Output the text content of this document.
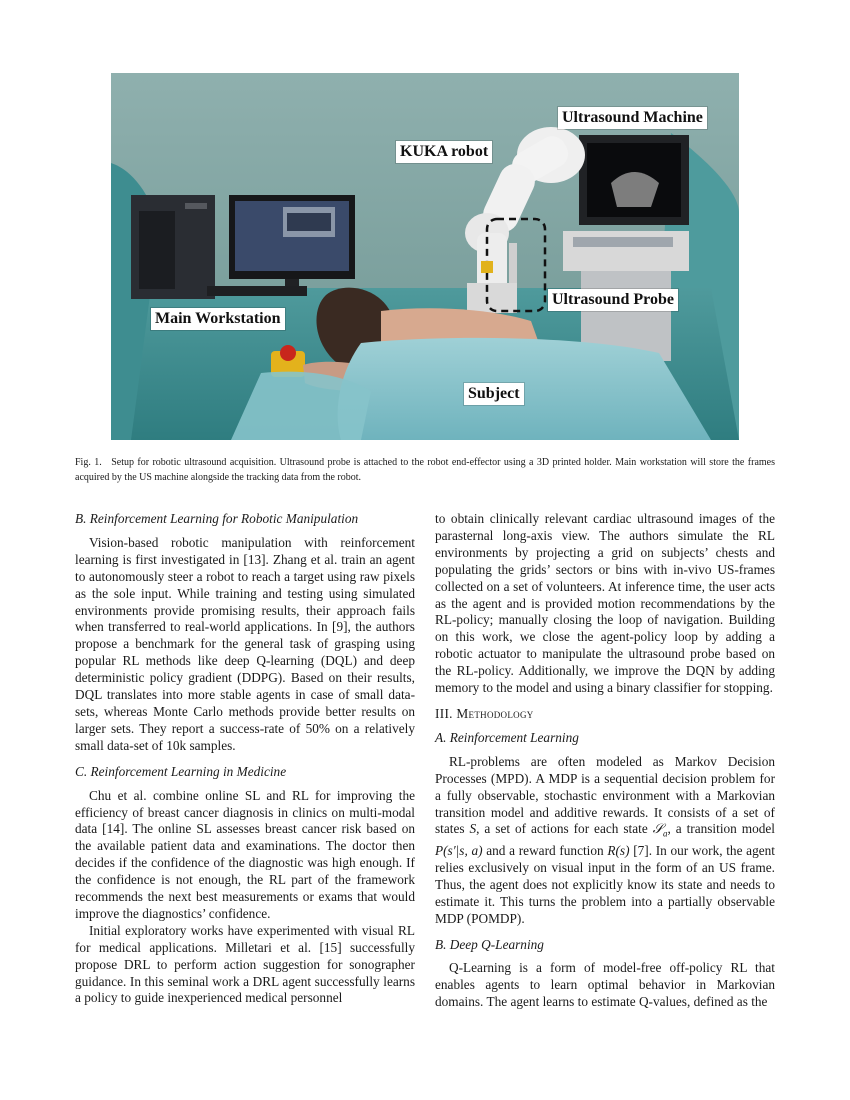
Ultrasound Machine
KUKA robot
Ultrasound Probe
Main Workstation
Subject
Fig. 1. Setup for robotic ultrasound acquisition. Ultrasound probe is attached to the robot end-effector using a 3D printed holder. Main workstation will store the frames acquired by the US machine alongside the tracking data from the robot.

B. Reinforcement Learning for Robotic Manipulation

Vision-based robotic manipulation with reinforcement learning is first investigated in [13]. Zhang et al. train an agent to autonomously steer a robot to reach a target using raw pixels as the sole input. While training and testing using simulated environments provide promising results, their approach fails when transferred to real-world applications. In [9], the authors propose a benchmark for the general task of grasping using popular RL methods like deep Q-learning (DQL) and deep deterministic policy gradient (DDPG). Based on their results, DQL translates into more stable agents in case of small data-sets, whereas Monte Carlo methods provide better results on larger sets. They report a success-rate of 50% on a relatively small data-set of 10k samples.

C. Reinforcement Learning in Medicine

Chu et al. combine online SL and RL for improving the efficiency of breast cancer diagnosis in clinics on multi-modal data [14]. The online SL assesses breast cancer risk based on the available patient data and examinations. The doctor then decides if the confidence of the diagnostic was high enough. If the confidence is not enough, the RL part of the framework recommends the next best measurements or exams that would improve the diagnostics’ confidence.

Initial exploratory works have experimented with visual RL for medical applications. Milletari et al. [15] successfully propose DRL to perform action suggestion for sonographer guidance. In this seminal work a DRL agent successfully learns a policy to guide inexperienced medical personnel

to obtain clinically relevant cardiac ultrasound images of the parasternal long-axis view. The authors simulate the RL environments by projecting a grid on subjects’ chests and populating the grids’ sectors or bins with in-vivo US-frames collected on a set of volunteers. At inference time, the user acts as the agent and is provided motion recommendations by the RL-policy; manually closing the loop of navigation. Building on this work, we close the agent-policy loop by adding a robotic actuator to manipulate the ultrasound probe based on the RL-policy. Additionally, we improve the DQN by adding memory to the model and using a binary classifier for stopping.

III. Methodology

A. Reinforcement Learning

RL-problems are often modeled as Markov Decision Processes (MPD). A MDP is a sequential decision problem for a fully observable, stochastic environment with a Markovian transition model and additive rewards. It consists of a set of states S, a set of actions for each state 𝒮$_a$, a transition model P(s′|s, a) and a reward function R(s) [7]. In our work, the agent relies exclusively on visual input in the form of an US frame. Thus, the agent does not explicitly know its state and needs to estimate it. This turns the problem into a partially observable MDP (POMDP).

B. Deep Q-Learning

Q-Learning is a form of model-free off-policy RL that enables agents to learn optimal behavior in Markovian domains. The agent learns to estimate Q-values, defined as the
